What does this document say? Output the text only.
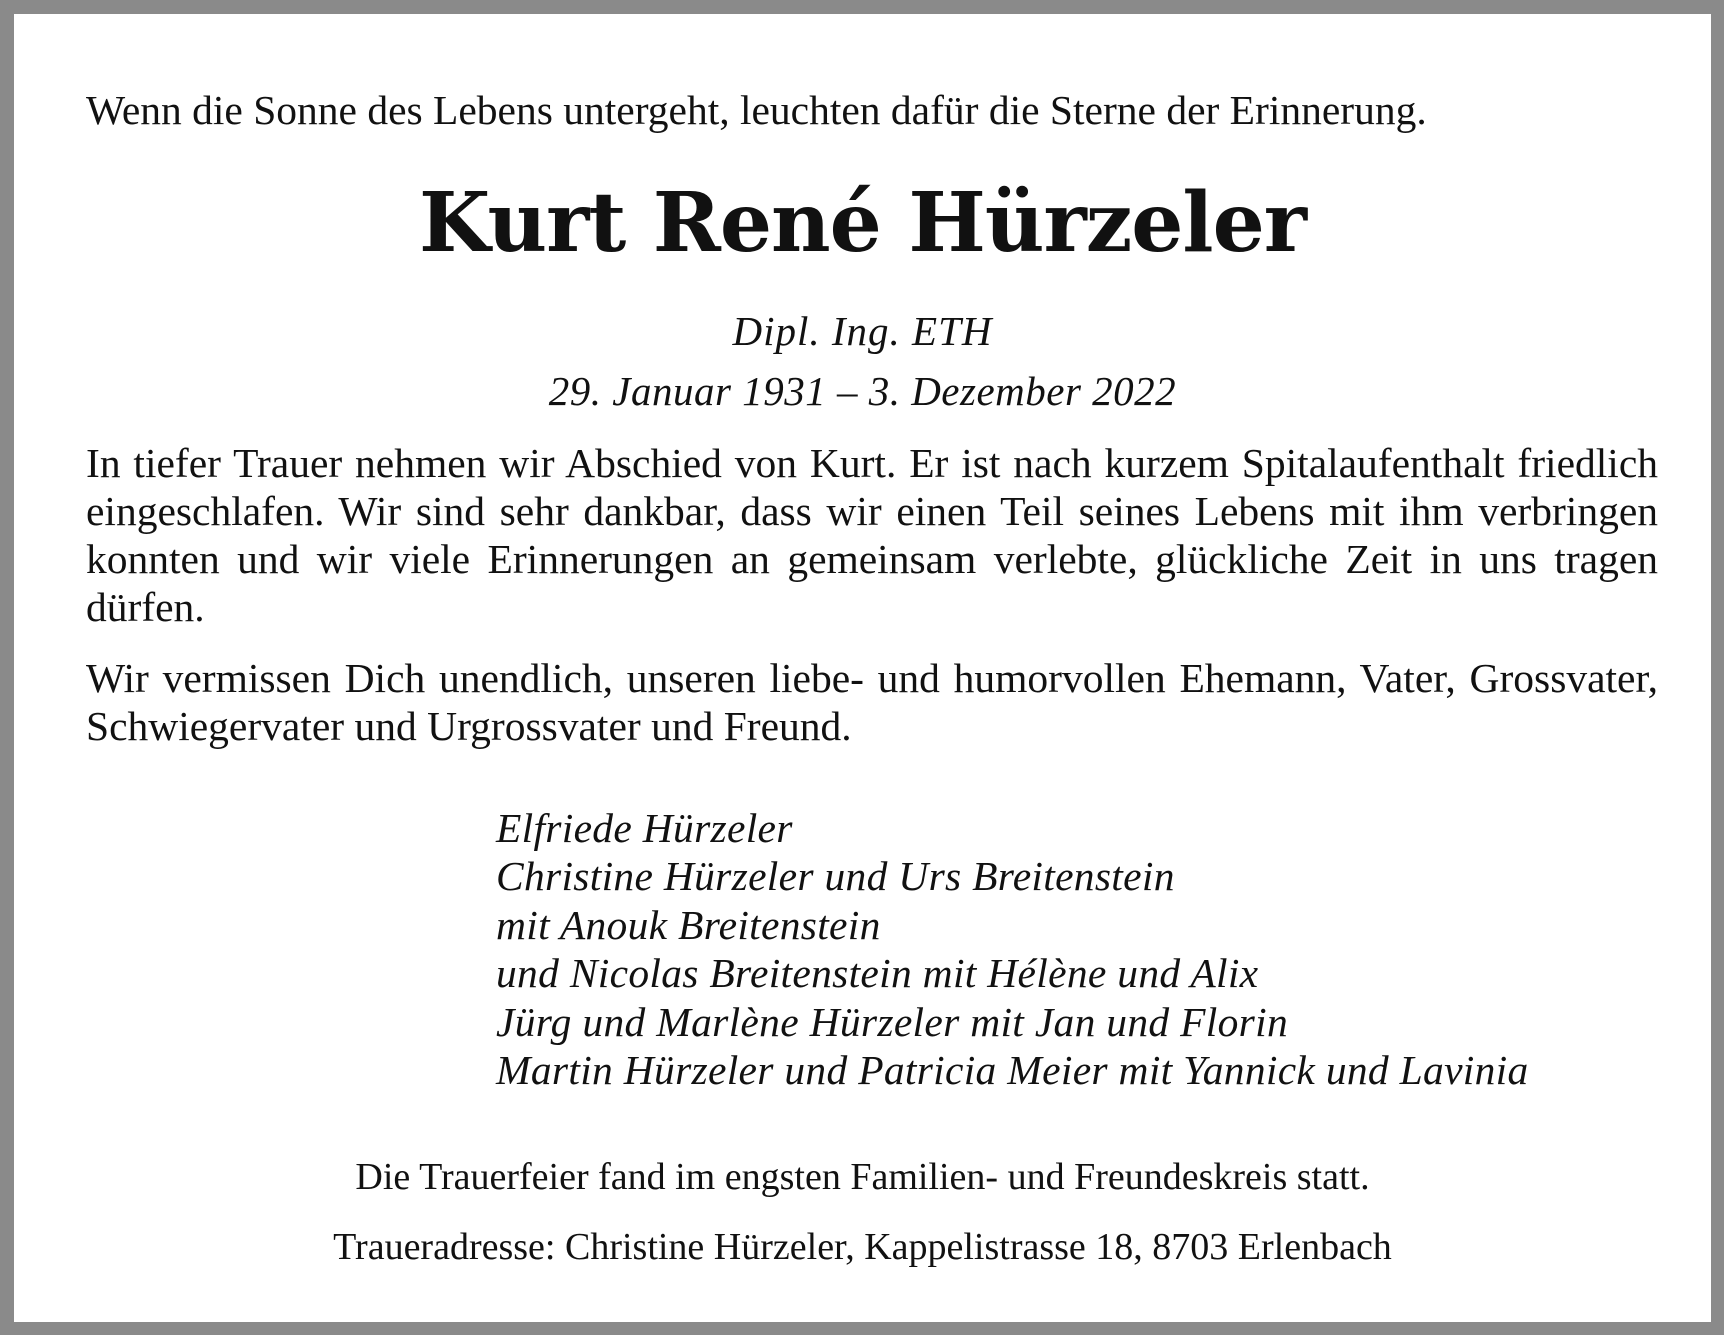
Wenn die Sonne des Lebens untergeht, leuchten dafür die Sterne der Erinnerung.
Kurt René Hürzeler
Dipl. Ing. ETH
29. Januar 1931 – 3. Dezember 2022

In tiefer Trauer nehmen wir Abschied von Kurt. Er ist nach kurzem Spitalaufenthalt friedlich eingeschlafen. Wir sind sehr dankbar, dass wir einen Teil seines Lebens mit ihm verbringen konnten und wir viele Erinnerungen an gemeinsam verlebte, glückliche Zeit in uns tragen dürfen.

Wir vermissen Dich unendlich, unseren liebe- und humorvollen Ehemann, Vater, Grossvater, Schwiegervater und Urgrossvater und Freund.

Elfriede Hürzeler
Christine Hürzeler und Urs Breitenstein
mit Anouk Breitenstein
und Nicolas Breitenstein mit Hélène und Alix
Jürg und Marlène Hürzeler mit Jan und Florin
Martin Hürzeler und Patricia Meier mit Yannick und Lavinia
Die Trauerfeier fand im engsten Familien- und Freundeskreis statt.
Traueradresse: Christine Hürzeler, Kappelistrasse 18, 8703 Erlenbach
